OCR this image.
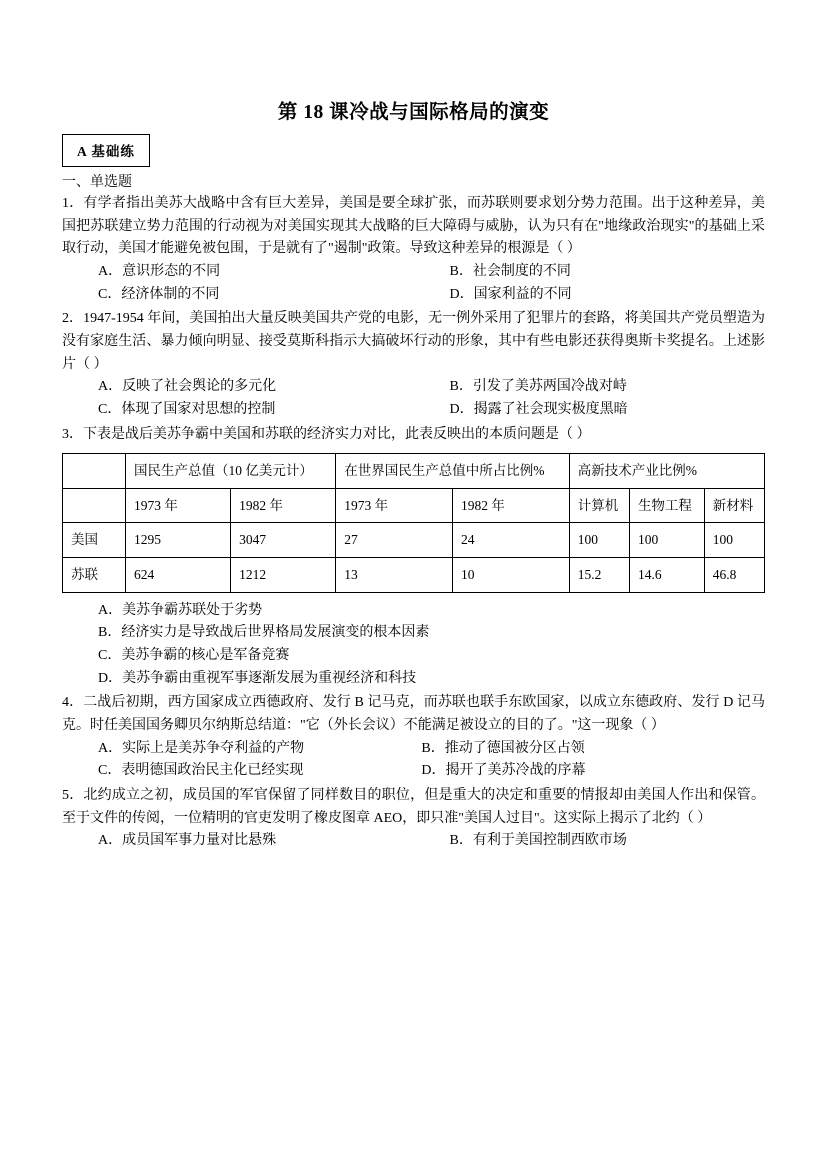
第 18 课冷战与国际格局的演变
A 基础练
一、单选题
1．有学者指出美苏大战略中含有巨大差异，美国是要全球扩张，而苏联则要求划分势力范围。出于这种差异，美国把苏联建立势力范围的行动视为对美国实现其大战略的巨大障碍与威胁，认为只有在"地缘政治现实"的基础上采取行动，美国才能避免被包围，于是就有了"遏制"政策。导致这种差异的根源是（ ）
A．意识形态的不同	B．社会制度的不同
C．经济体制的不同	D．国家利益的不同
2．1947-1954 年间，美国拍出大量反映美国共产党的电影，无一例外采用了犯罪片的套路，将美国共产党员塑造为没有家庭生活、暴力倾向明显、接受莫斯科指示大搞破坏行动的形象，其中有些电影还获得奥斯卡奖提名。上述影片（ ）
A．反映了社会舆论的多元化	B．引发了美苏两国冷战对峙
C．体现了国家对思想的控制	D．揭露了社会现实极度黑暗
3．下表是战后美苏争霸中美国和苏联的经济实力对比，此表反映出的本质问题是（ ）
	国民生产总值（10 亿美元计）		在世界国民生产总值中所占比例%		高新技术产业比例%		
	1973 年	1982 年	1973 年	1982 年	计算机	生物工程	新材料
美国	1295	3047	27	24	100	100	100
苏联	624	1212	13	10	15.2	14.6	46.8
A．美苏争霸苏联处于劣势
B．经济实力是导致战后世界格局发展演变的根本因素
C．美苏争霸的核心是军备竞赛
D．美苏争霸由重视军事逐渐发展为重视经济和科技
4．二战后初期，西方国家成立西德政府、发行 B 记马克，而苏联也联手东欧国家，以成立东德政府、发行 D 记马克。时任美国国务卿贝尔纳斯总结道："它（外长会议）不能满足被设立的目的了。"这一现象（ ）
A．实际上是美苏争夺利益的产物	B．推动了德国被分区占领
C．表明德国政治民主化已经实现	D．揭开了美苏冷战的序幕
5．北约成立之初，成员国的军官保留了同样数目的职位，但是重大的决定和重要的情报却由美国人作出和保管。至于文件的传阅，一位精明的官吏发明了橡皮图章 AEO，即只准"美国人过目"。这实际上揭示了北约（ ）
A．成员国军事力量对比悬殊	B．有利于美国控制西欧市场
